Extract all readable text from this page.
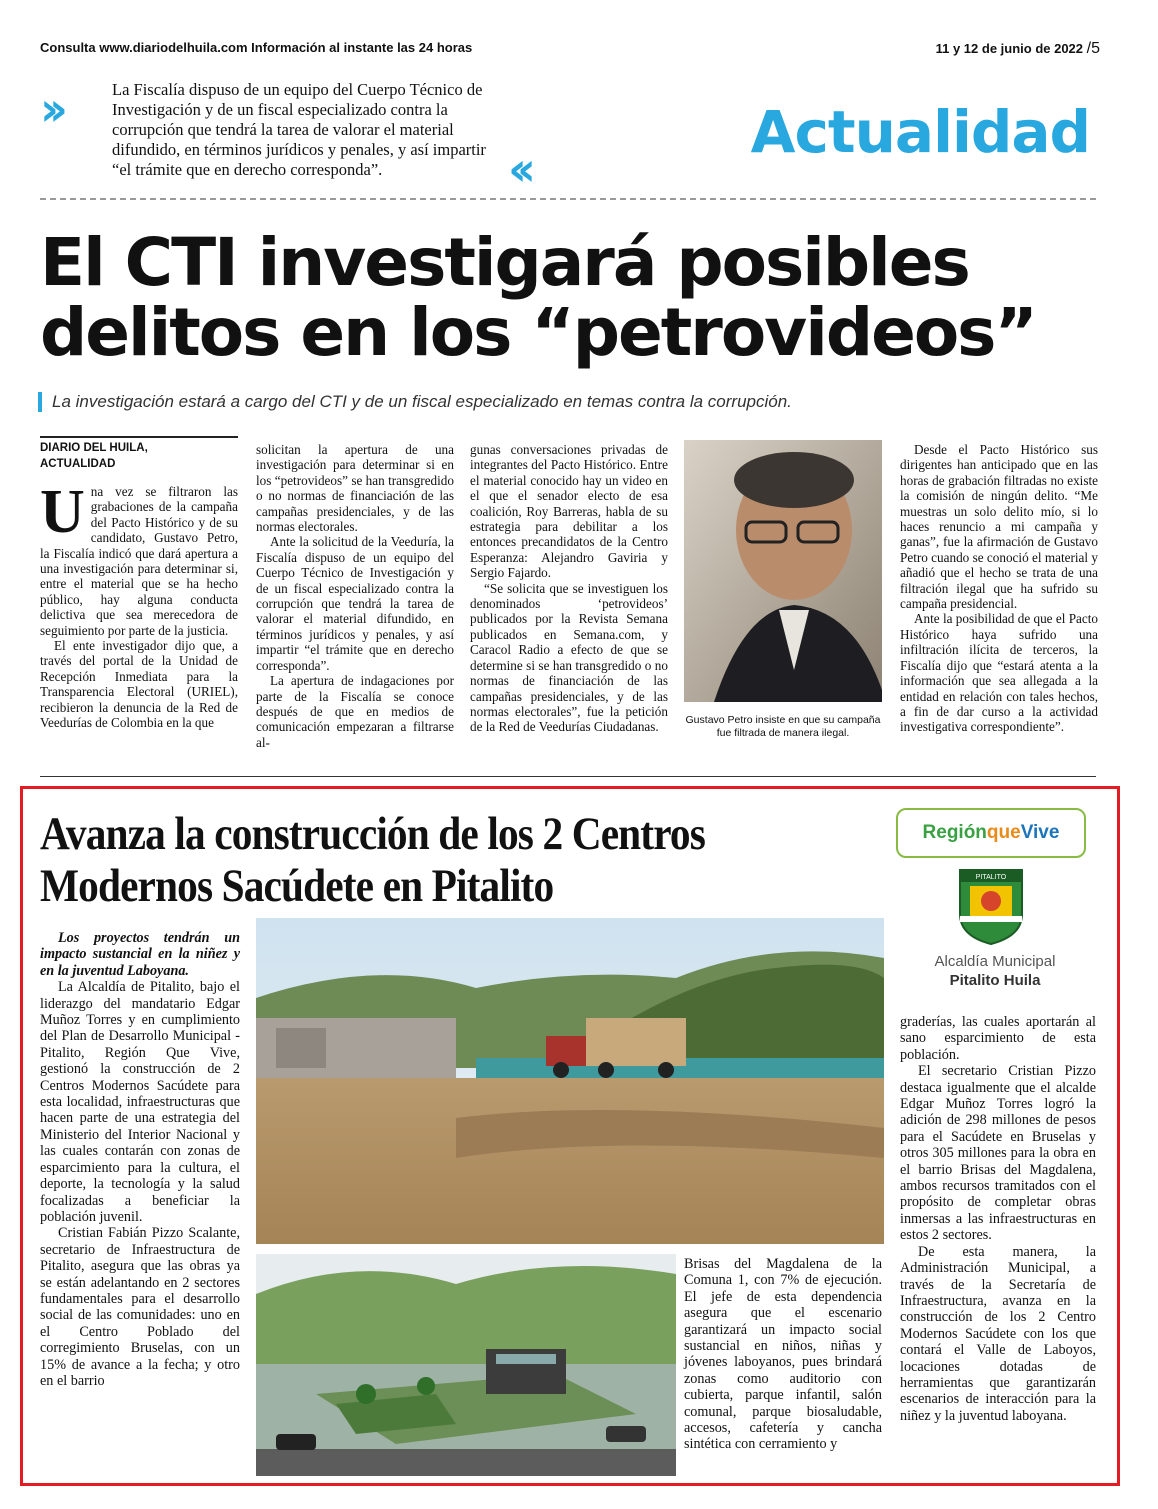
Consulta www.diariodelhuila.com Información al instante las 24 horas	11 y 12 de junio de 2022 /5
››	La Fiscalía dispuso de un equipo del Cuerpo Técnico de Investigación y de un fiscal especializado contra la corrupción que tendrá la tarea de valorar el material difundido, en términos jurídicos y penales, y así impartir “el trámite que en derecho corresponda”.	‹‹
Actualidad
El CTI investigará posibles delitos en los “petrovideos”
La investigación estará a cargo del CTI y de un fiscal especializado en temas contra la corrupción.
DIARIO DEL HUILA,
ACTUALIDAD
U na vez se filtraron las grabaciones de la campaña del Pacto Histórico y de su candidato, Gustavo Petro, la Fiscalía indicó que dará apertura a una investigación para determinar si, entre el material que se ha hecho público, hay alguna conducta delictiva que sea merecedora de seguimiento por parte de la justicia.

El ente investigador dijo que, a través del portal de la Unidad de Recepción Inmediata para la Transparencia Electoral (URIEL), recibieron la denuncia de la Red de Veedurías de Colombia en la que

solicitan la apertura de una investigación para determinar si en los “petrovideos” se han transgredido o no normas de financiación de las campañas presidenciales, y de las normas electorales.

Ante la solicitud de la Veeduría, la Fiscalía dispuso de un equipo del Cuerpo Técnico de Investigación y de un fiscal especializado contra la corrupción que tendrá la tarea de valorar el material difundido, en términos jurídicos y penales, y así impartir “el trámite que en derecho corresponda”.

La apertura de indagaciones por parte de la Fiscalía se conoce después de que en medios de comunicación empezaran a filtrarse al-

gunas conversaciones privadas de integrantes del Pacto Histórico. Entre el material conocido hay un video en el que el senador electo de esa coalición, Roy Barreras, habla de su estrategia para debilitar a los entonces precandidatos de la Centro Esperanza: Alejandro Gaviria y Sergio Fajardo.

“Se solicita que se investiguen los denominados ‘petrovideos’ publicados por la Revista Semana publicados en Semana.com, y Caracol Radio a efecto de que se determine si se han transgredido o no normas de financiación de las campañas presidenciales, y de las normas electorales”, fue la petición de la Red de Veedurías Ciudadanas.	Gustavo Petro insiste en que su campaña fue filtrada de manera ilegal.

Desde el Pacto Histórico sus dirigentes han anticipado que en las horas de grabación filtradas no existe la comisión de ningún delito. “Me muestras un solo delito mío, si lo haces renuncio a mi campaña y ganas”, fue la afirmación de Gustavo Petro cuando se conoció el material y añadió que el hecho se trata de una filtración ilegal que ha sufrido su campaña presidencial.

Ante la posibilidad de que el Pacto Histórico haya sufrido una infiltración ilícita de terceros, la Fiscalía dijo que “estará atenta a la información que sea allegada a la entidad en relación con tales hechos, a fin de dar curso a la actividad investigativa correspondiente”.

Avanza la construcción de los 2 Centros Modernos Sacúdete en Pitalito
RegiónqueVive
PITALITO
Alcaldía Municipal
Pitalito Huila

Los proyectos tendrán un impacto sustancial en la niñez y en la juventud Laboyana.

La Alcaldía de Pitalito, bajo el liderazgo del mandatario Edgar Muñoz Torres y en cumplimiento del Plan de Desarrollo Municipal - Pitalito, Región Que Vive, gestionó la construcción de 2 Centros Modernos Sacúdete para esta localidad, infraestructuras que hacen parte de una estrategia del Ministerio del Interior Nacional y las cuales contarán con zonas de esparcimiento para la cultura, el deporte, la tecnología y la salud focalizadas a beneficiar la población juvenil.

Cristian Fabián Pizzo Scalante, secretario de Infraestructura de Pitalito, asegura que las obras ya se están adelantando en 2 sectores fundamentales para el desarrollo social de las comunidades: uno en el Centro Poblado del corregimiento Bruselas, con un 15% de avance a la fecha; y otro en el barrio

Brisas del Magdalena de la Comuna 1, con 7% de ejecución. El jefe de esta dependencia asegura que el escenario garantizará un impacto social sustancial en niños, niñas y jóvenes laboyanos, pues brindará zonas como auditorio con cubierta, parque infantil, salón comunal, parque biosaludable, accesos, cafetería y cancha sintética con cerramiento y

graderías, las cuales aportarán al sano esparcimiento de esta población.

El secretario Cristian Pizzo destaca igualmente que el alcalde Edgar Muñoz Torres logró la adición de 298 millones de pesos para el Sacúdete en Bruselas y otros 305 millones para la obra en el barrio Brisas del Magdalena, ambos recursos tramitados con el propósito de completar obras inmersas a las infraestructuras en estos 2 sectores.

De esta manera, la Administración Municipal, a través de la Secretaría de Infraestructura, avanza en la construcción de los 2 Centro Modernos Sacúdete con los que contará el Valle de Laboyos, locaciones dotadas de herramientas que garantizarán escenarios de interacción para la niñez y la juventud laboyana.
